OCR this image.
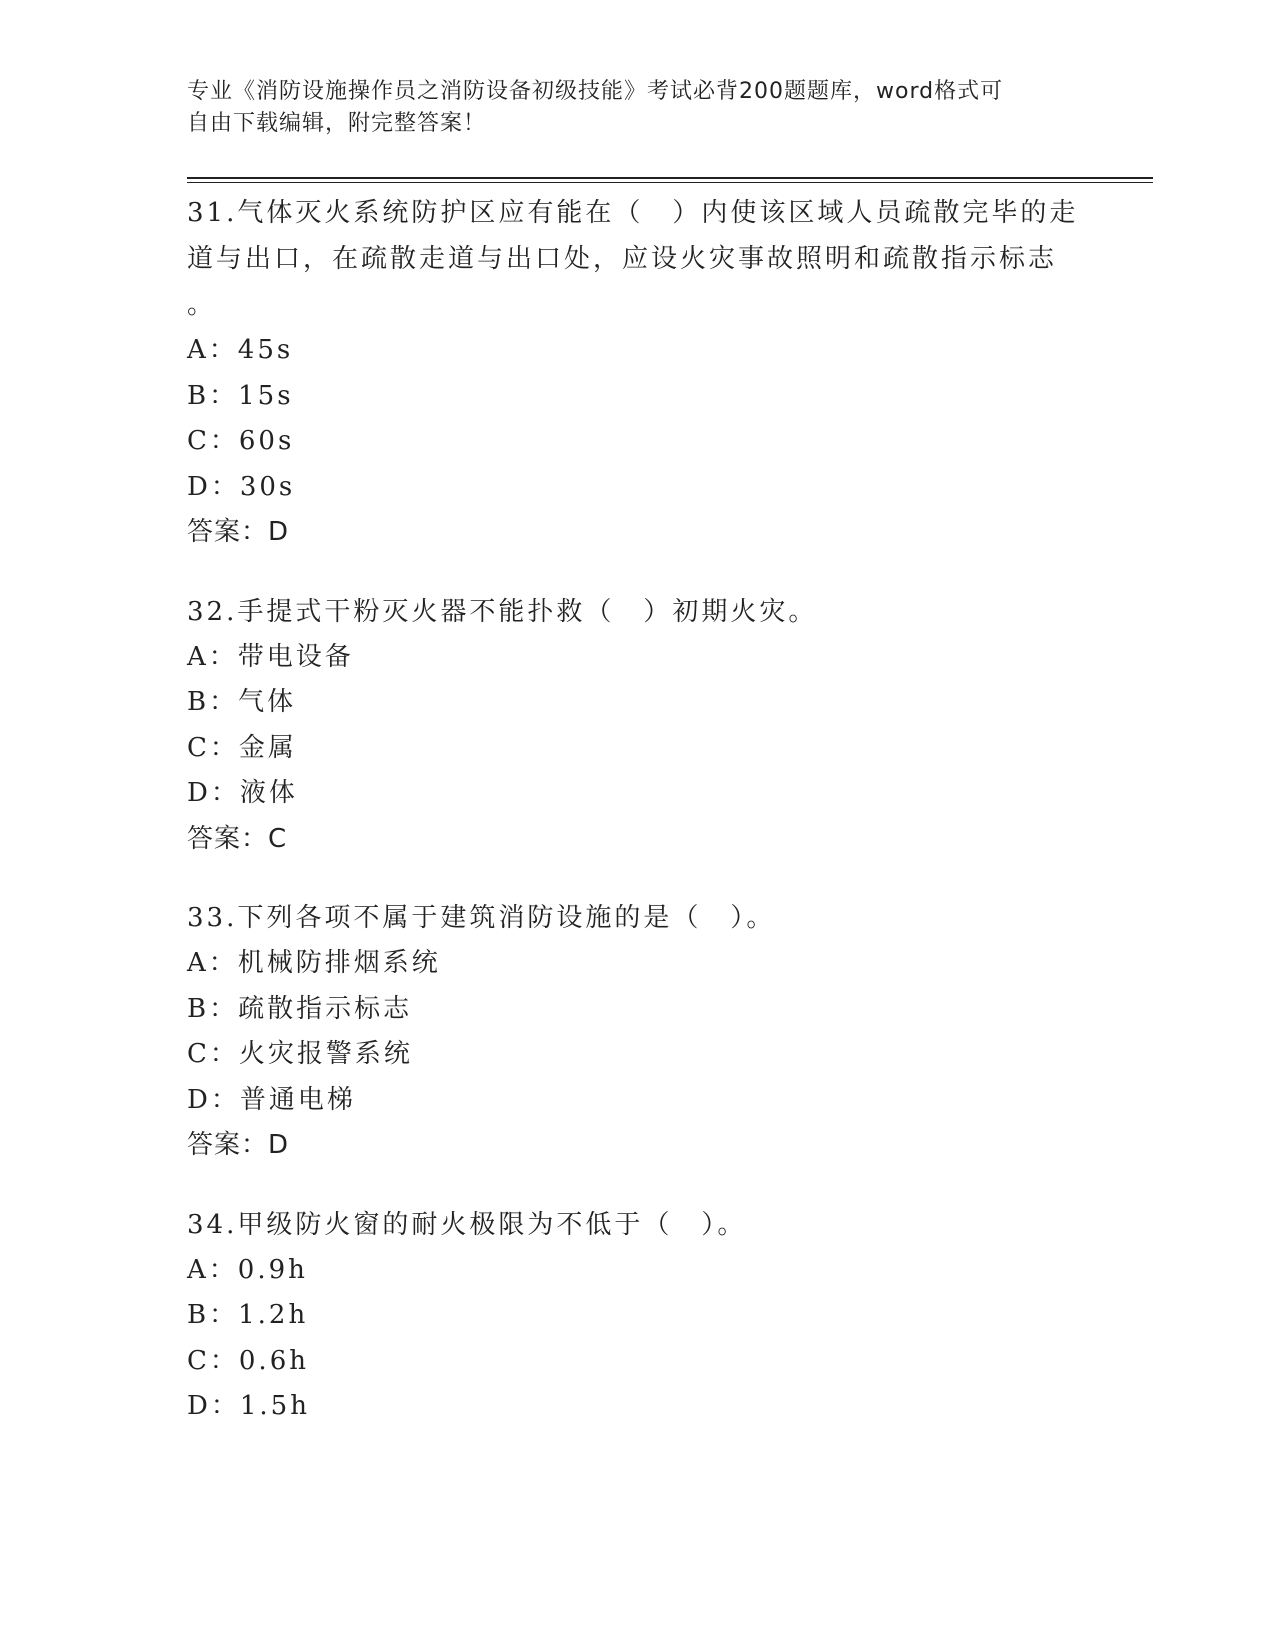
专业《消防设施操作员之消防设备初级技能》考试必背200题题库，word格式可
自由下载编辑，附完整答案！

31.气体灭火系统防护区应有能在（　）内使该区域人员疏散完毕的走

道与出口，在疏散走道与出口处，应设火灾事故照明和疏散指示标志

。

A：45s

B：15s

C：60s

D：30s

答案：D

32.手提式干粉灭火器不能扑救（　）初期火灾。

A：带电设备

B：气体

C：金属

D：液体

答案：C

33.下列各项不属于建筑消防设施的是（　）。

A：机械防排烟系统

B：疏散指示标志

C：火灾报警系统

D：普通电梯

答案：D

34.甲级防火窗的耐火极限为不低于（　）。

A：0.9h

B：1.2h

C：0.6h

D：1.5h
